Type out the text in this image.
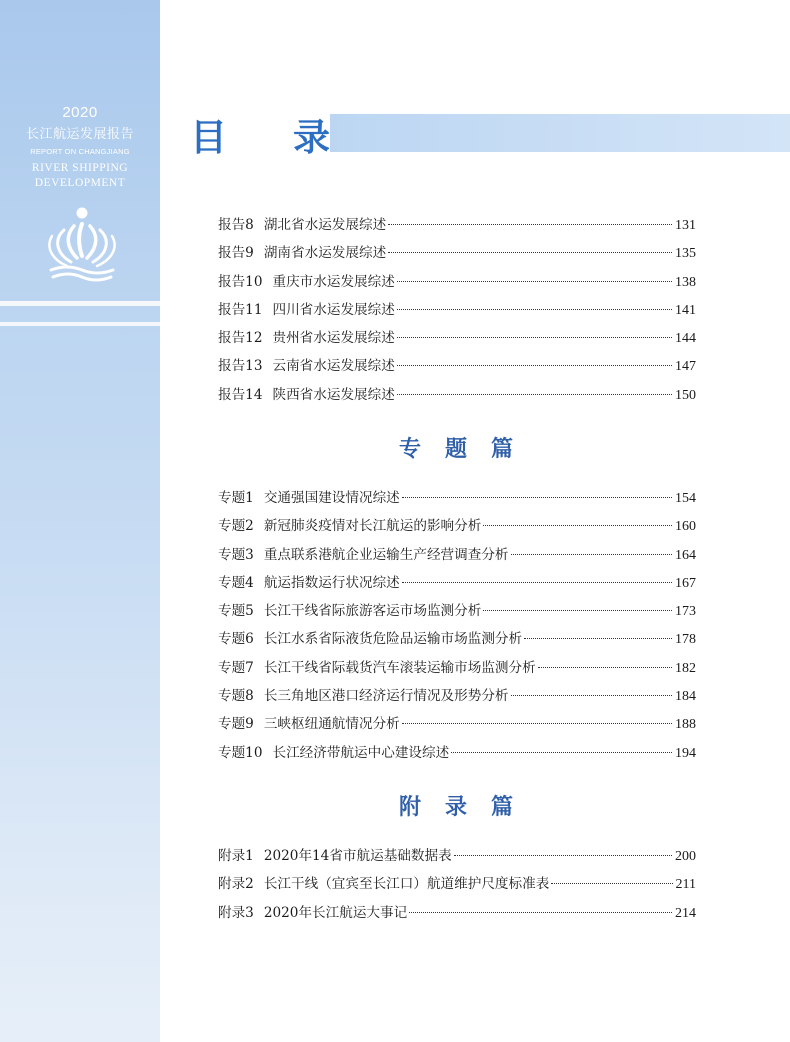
2020
长江航运发展报告
REPORT ON CHANGJIANG
RIVER SHIPPING
DEVELOPMENT
目 录
报告8 湖北省水运发展综述	131
报告9 湖南省水运发展综述	135
报告10 重庆市水运发展综述	138
报告11 四川省水运发展综述	141
报告12 贵州省水运发展综述	144
报告13 云南省水运发展综述	147
报告14 陕西省水运发展综述	150
专题篇
专题1 交通强国建设情况综述	154
专题2 新冠肺炎疫情对长江航运的影响分析	160
专题3 重点联系港航企业运输生产经营调查分析	164
专题4 航运指数运行状况综述	167
专题5 长江干线省际旅游客运市场监测分析	173
专题6 长江水系省际液货危险品运输市场监测分析	178
专题7 长江干线省际载货汽车滚装运输市场监测分析	182
专题8 长三角地区港口经济运行情况及形势分析	184
专题9 三峡枢纽通航情况分析	188
专题10 长江经济带航运中心建设综述	194
附录篇
附录1 2020年14省市航运基础数据表	200
附录2 长江干线（宜宾至长江口）航道维护尺度标准表	211
附录3 2020年长江航运大事记	214
